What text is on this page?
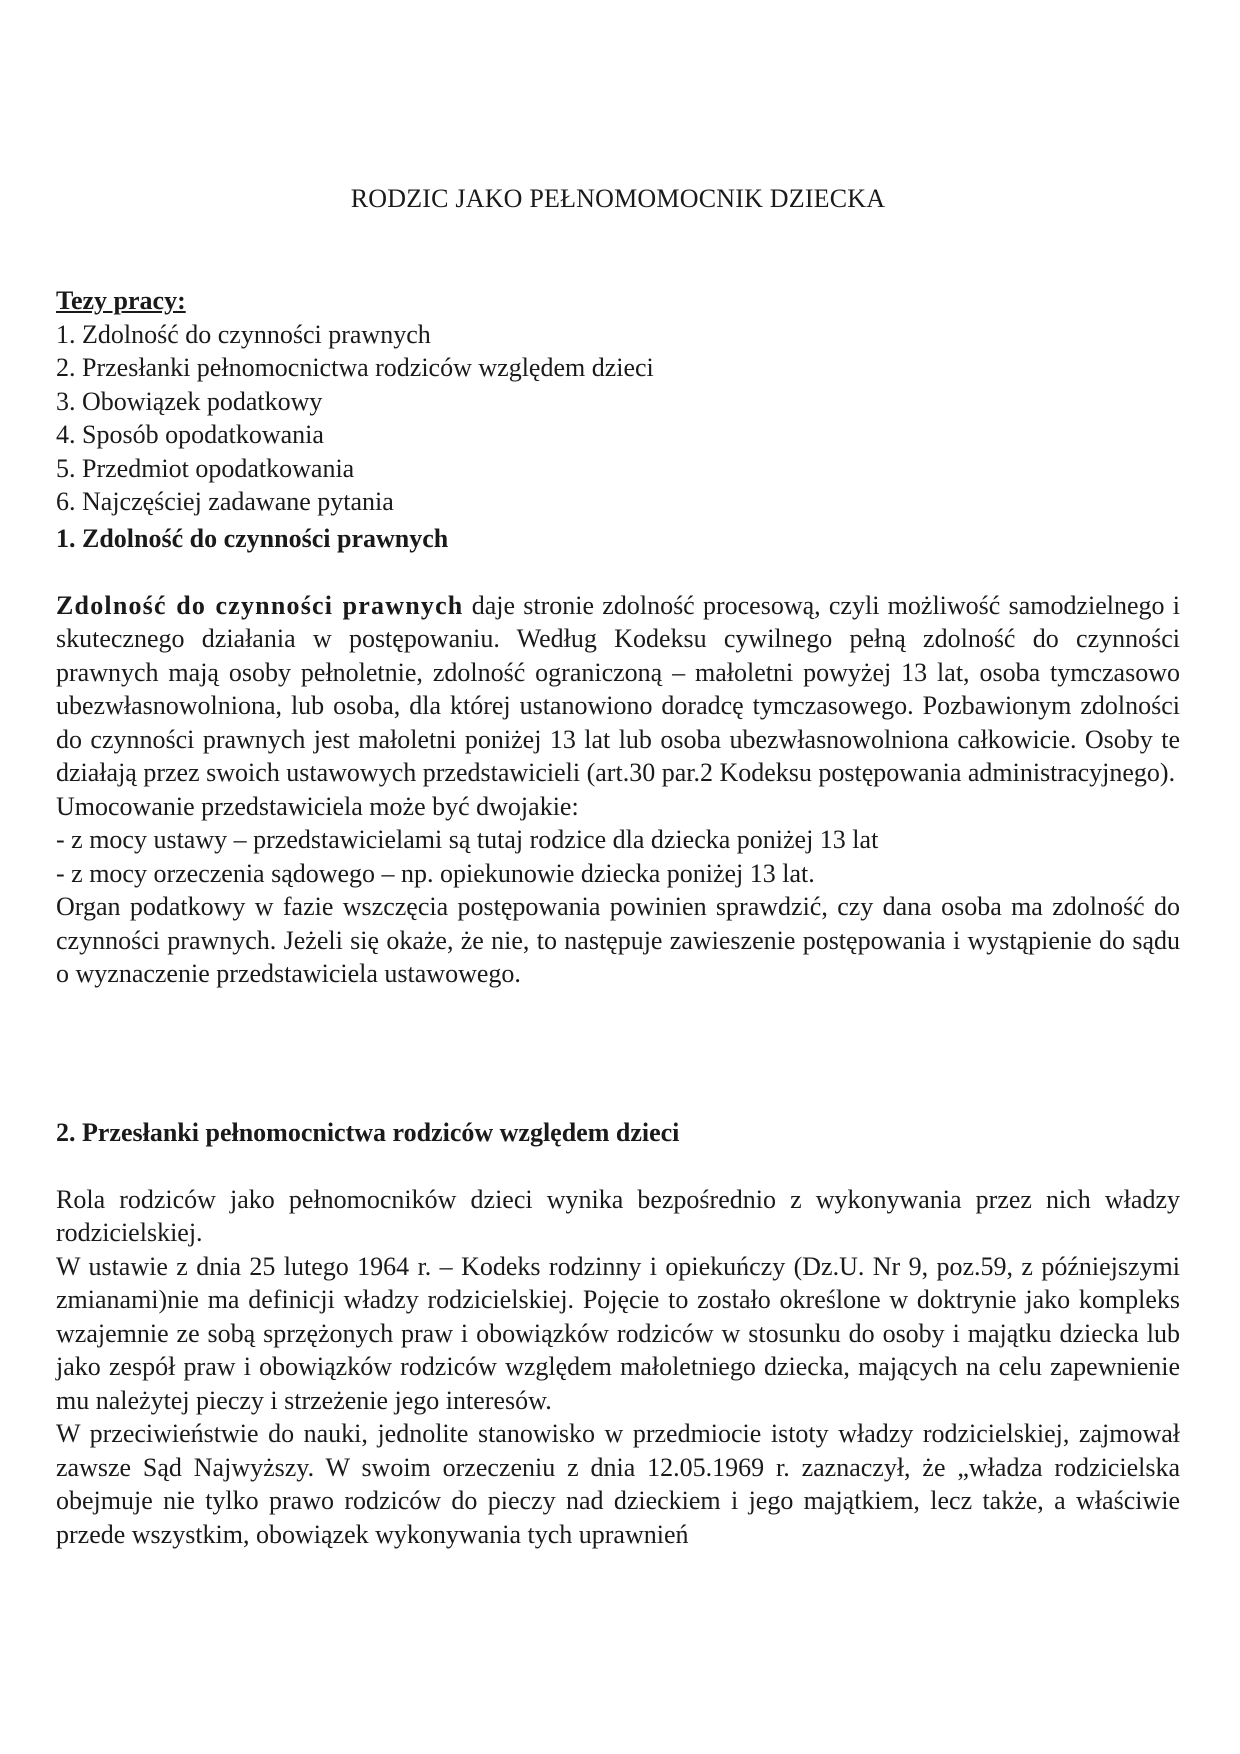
RODZIC JAKO PEŁNOMOMOCNIK DZIECKA
Tezy pracy:
1. Zdolność do czynności prawnych
2. Przesłanki pełnomocnictwa rodziców względem dzieci
3. Obowiązek podatkowy
4. Sposób opodatkowania
5. Przedmiot opodatkowania
6. Najczęściej zadawane pytania
1. Zdolność do czynności prawnych

Zdolność do czynności prawnych daje stronie zdolność procesową, czyli możliwość samodzielnego i skutecznego działania w postępowaniu. Według Kodeksu cywilnego pełną zdolność do czynności prawnych mają osoby pełnoletnie, zdolność ograniczoną – małoletni powyżej 13 lat, osoba tymczasowo ubezwłasnowolniona, lub osoba, dla której ustanowiono doradcę tymczasowego. Pozbawionym zdolności do czynności prawnych jest małoletni poniżej 13 lat lub osoba ubezwłasnowolniona całkowicie. Osoby te działają przez swoich ustawowych przedstawicieli (art.30 par.2 Kodeksu postępowania administracyjnego).

Umocowanie przedstawiciela może być dwojakie:

- z mocy ustawy – przedstawicielami są tutaj rodzice dla dziecka poniżej 13 lat

- z mocy orzeczenia sądowego – np. opiekunowie dziecka poniżej 13 lat.

Organ podatkowy w fazie wszczęcia postępowania powinien sprawdzić, czy dana osoba ma zdolność do czynności prawnych. Jeżeli się okaże, że nie, to następuje zawieszenie postępowania i wystąpienie do sądu o wyznaczenie przedstawiciela ustawowego.

2. Przesłanki pełnomocnictwa rodziców względem dzieci

Rola rodziców jako pełnomocników dzieci wynika bezpośrednio z wykonywania przez nich władzy rodzicielskiej.

W ustawie z dnia 25 lutego 1964 r. – Kodeks rodzinny i opiekuńczy (Dz.U. Nr 9, poz.59, z późniejszymi zmianami)nie ma definicji władzy rodzicielskiej. Pojęcie to zostało określone w doktrynie jako kompleks wzajemnie ze sobą sprzężonych praw i obowiązków rodziców w stosunku do osoby i majątku dziecka lub jako zespół praw i obowiązków rodziców względem małoletniego dziecka, mających na celu zapewnienie mu należytej pieczy i strzeżenie jego interesów.

W przeciwieństwie do nauki, jednolite stanowisko w przedmiocie istoty władzy rodzicielskiej, zajmował zawsze Sąd Najwyższy. W swoim orzeczeniu z dnia 12.05.1969 r. zaznaczył, że „władza rodzicielska obejmuje nie tylko prawo rodziców do pieczy nad dzieckiem i jego majątkiem, lecz także, a właściwie przede wszystkim, obowiązek wykonywania tych uprawnień
